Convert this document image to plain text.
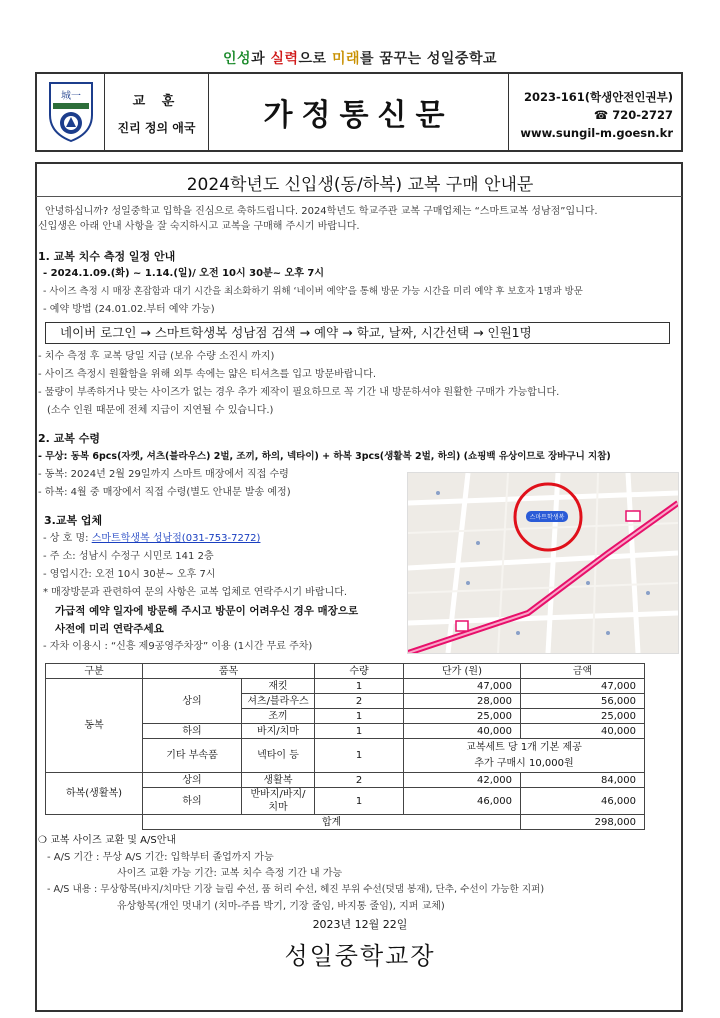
인성과 실력으로 미래를 꿈꾸는 성일중학교
城一	교 훈
진리 정의 애국	가정통신문
2023-161(학생안전인권부)
☎ 720-2727
www.sungil-m.goesn.kr
2024학년도 신입생(동/하복) 교복 구매 안내문
안녕하십니까? 성일중학교 입학을 진심으로 축하드립니다. 2024학년도 학교주관 교복 구매업체는 “스마트교복 성남점”입니다.
신입생은 아래 안내 사항을 잘 숙지하시고 교복을 구매해 주시기 바랍니다.
1. 교복 치수 측정 일정 안내
- 2024.1.09.(화) ~ 1.14.(일)/ 오전 10시 30분~ 오후 7시
- 사이즈 측정 시 매장 혼잡함과 대기 시간을 최소화하기 위해 ‘네이버 예약’을 통해 방문 가능 시간을 미리 예약 후 보호자 1명과 방문
- 예약 방법 (24.01.02.부터 예약 가능)
네이버 로그인 → 스마트학생복 성남점 검색 → 예약 → 학교, 날짜, 시간선택 → 인원1명
- 치수 측정 후 교복 당일 지급 (보유 수량 소진시 까지)
- 사이즈 측정시 원활함을 위해 외투 속에는 얇은 티셔츠를 입고 방문바랍니다.
- 물량이 부족하거나 맞는 사이즈가 없는 경우 추가 제작이 필요하므로 꼭 기간 내 방문하셔야 원활한 구매가 가능합니다.
(소수 인원 때문에 전체 지급이 지연될 수 있습니다.)
2. 교복 수령
- 무상: 동복 6pcs(자켓, 셔츠(블라우스) 2벌, 조끼, 하의, 넥타이) + 하복 3pcs(생활복 2벌, 하의) (쇼핑백 유상이므로 장바구니 지참)
- 동복: 2024년 2월 29일까지 스마트 매장에서 직접 수령
- 하복: 4월 중 매장에서 직접 수령(별도 안내문 발송 예정)
3.교복 업체
- 상 호 명: 스마트학생복 성남점(031-753-7272)
- 주 소: 성남시 수정구 시민로 141 2층
- 영업시간: 오전 10시 30분~ 오후 7시
* 매장방문과 관련하여 문의 사항은 교복 업체로 연락주시기 바랍니다.
가급적 예약 일자에 방문해 주시고 방문이 어려우신 경우 매장으로
사전에 미리 연락주세요
- 자차 이용시 : “신흥 제9공영주차장” 이용 (1시간 무료 주차)
스마트학생복
구분	품목		수량	단가 (원)	금액
동복	상의	재킷	1	47,000	47,000
		셔츠/블라우스	2	28,000	56,000
		조끼	1	25,000	25,000
	하의	바지/치마	1	40,000	40,000
	기타 부속품	넥타이 등	1	교복세트 당 1개 기본 제공
추가 구매시 10,000원	

하복(생활복)	상의	생활복	2	42,000	84,000
	하의	반바지/바지/치마	1	46,000	46,000
	합계				298,000
❍ 교복 사이즈 교환 및 A/S안내
- A/S 기간 : 무상 A/S 기간: 입학부터 졸업까지 가능
사이즈 교환 가능 기간: 교복 치수 측정 기간 내 가능
- A/S 내용 : 무상항목(바지/치마단 기장 늘림 수선, 품 허리 수선, 헤진 부위 수선(덧댐 봉재), 단추, 수선이 가능한 지퍼)
유상항목(개인 멋내기 (치마-주름 박기, 기장 줄임, 바지통 줄임), 지퍼 교체)
2023년 12월 22일
성일중학교장
